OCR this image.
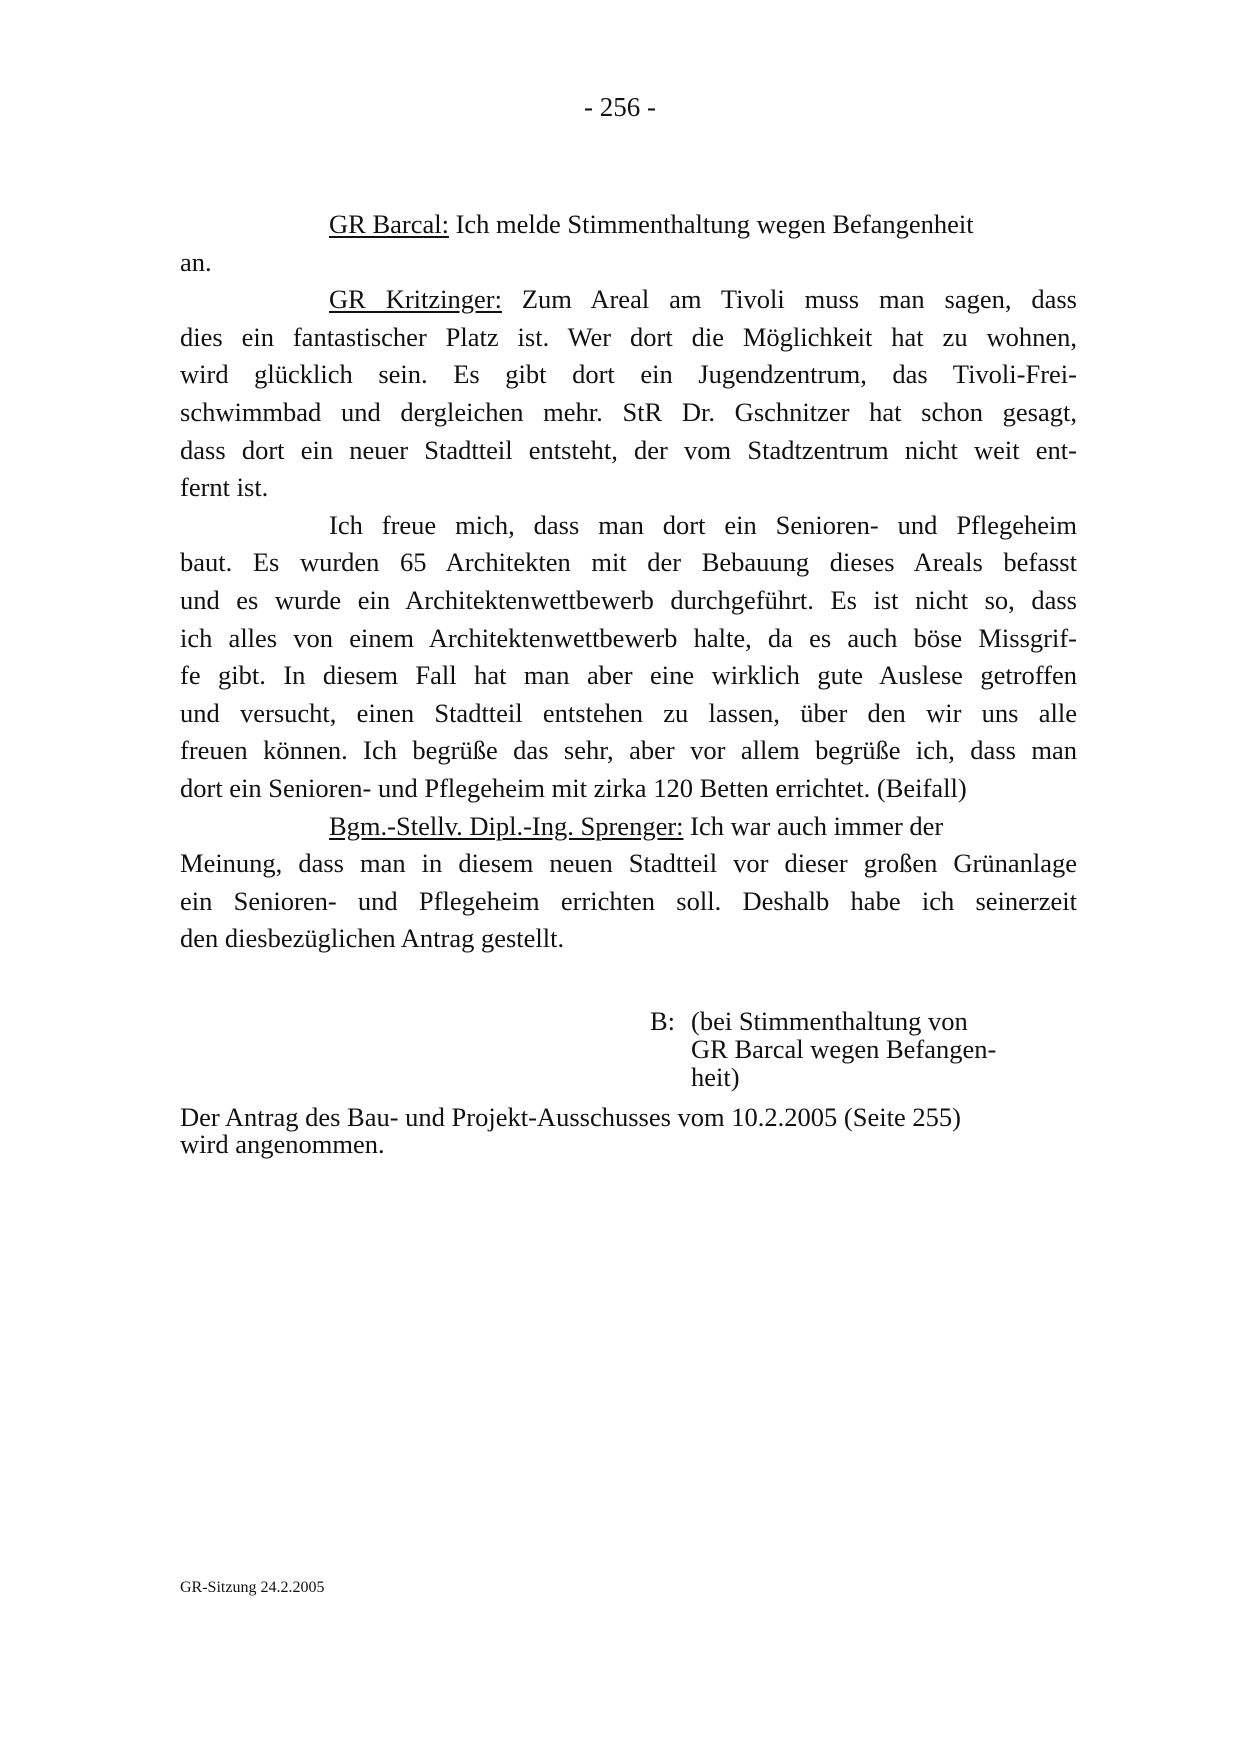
- 256 -
GR Barcal: Ich melde Stimmenthaltung wegen Befangenheit
an.
GR Kritzinger: Zum Areal am Tivoli muss man sagen, dass
dies ein fantastischer Platz ist. Wer dort die Möglichkeit hat zu wohnen,
wird glücklich sein. Es gibt dort ein Jugendzentrum, das Tivoli-Frei-
schwimmbad und dergleichen mehr. StR Dr. Gschnitzer hat schon gesagt,
dass dort ein neuer Stadtteil entsteht, der vom Stadtzentrum nicht weit ent-
fernt ist.
Ich freue mich, dass man dort ein Senioren- und Pflegeheim
baut. Es wurden 65 Architekten mit der Bebauung dieses Areals befasst
und es wurde ein Architektenwettbewerb durchgeführt. Es ist nicht so, dass
ich alles von einem Architektenwettbewerb halte, da es auch böse Missgrif-
fe gibt. In diesem Fall hat man aber eine wirklich gute Auslese getroffen
und versucht, einen Stadtteil entstehen zu lassen, über den wir uns alle
freuen können. Ich begrüße das sehr, aber vor allem begrüße ich, dass man
dort ein Senioren- und Pflegeheim mit zirka 120 Betten errichtet. (Beifall)
Bgm.-Stellv. Dipl.-Ing. Sprenger: Ich war auch immer der
Meinung, dass man in diesem neuen Stadtteil vor dieser großen Grünanlage
ein Senioren- und Pflegeheim errichten soll. Deshalb habe ich seinerzeit
den diesbezüglichen Antrag gestellt.
B: (bei Stimmenthaltung von
GR Barcal wegen Befangen-
heit)
Der Antrag des Bau- und Projekt-Ausschusses vom 10.2.2005 (Seite 255)
wird angenommen.
GR-Sitzung 24.2.2005
